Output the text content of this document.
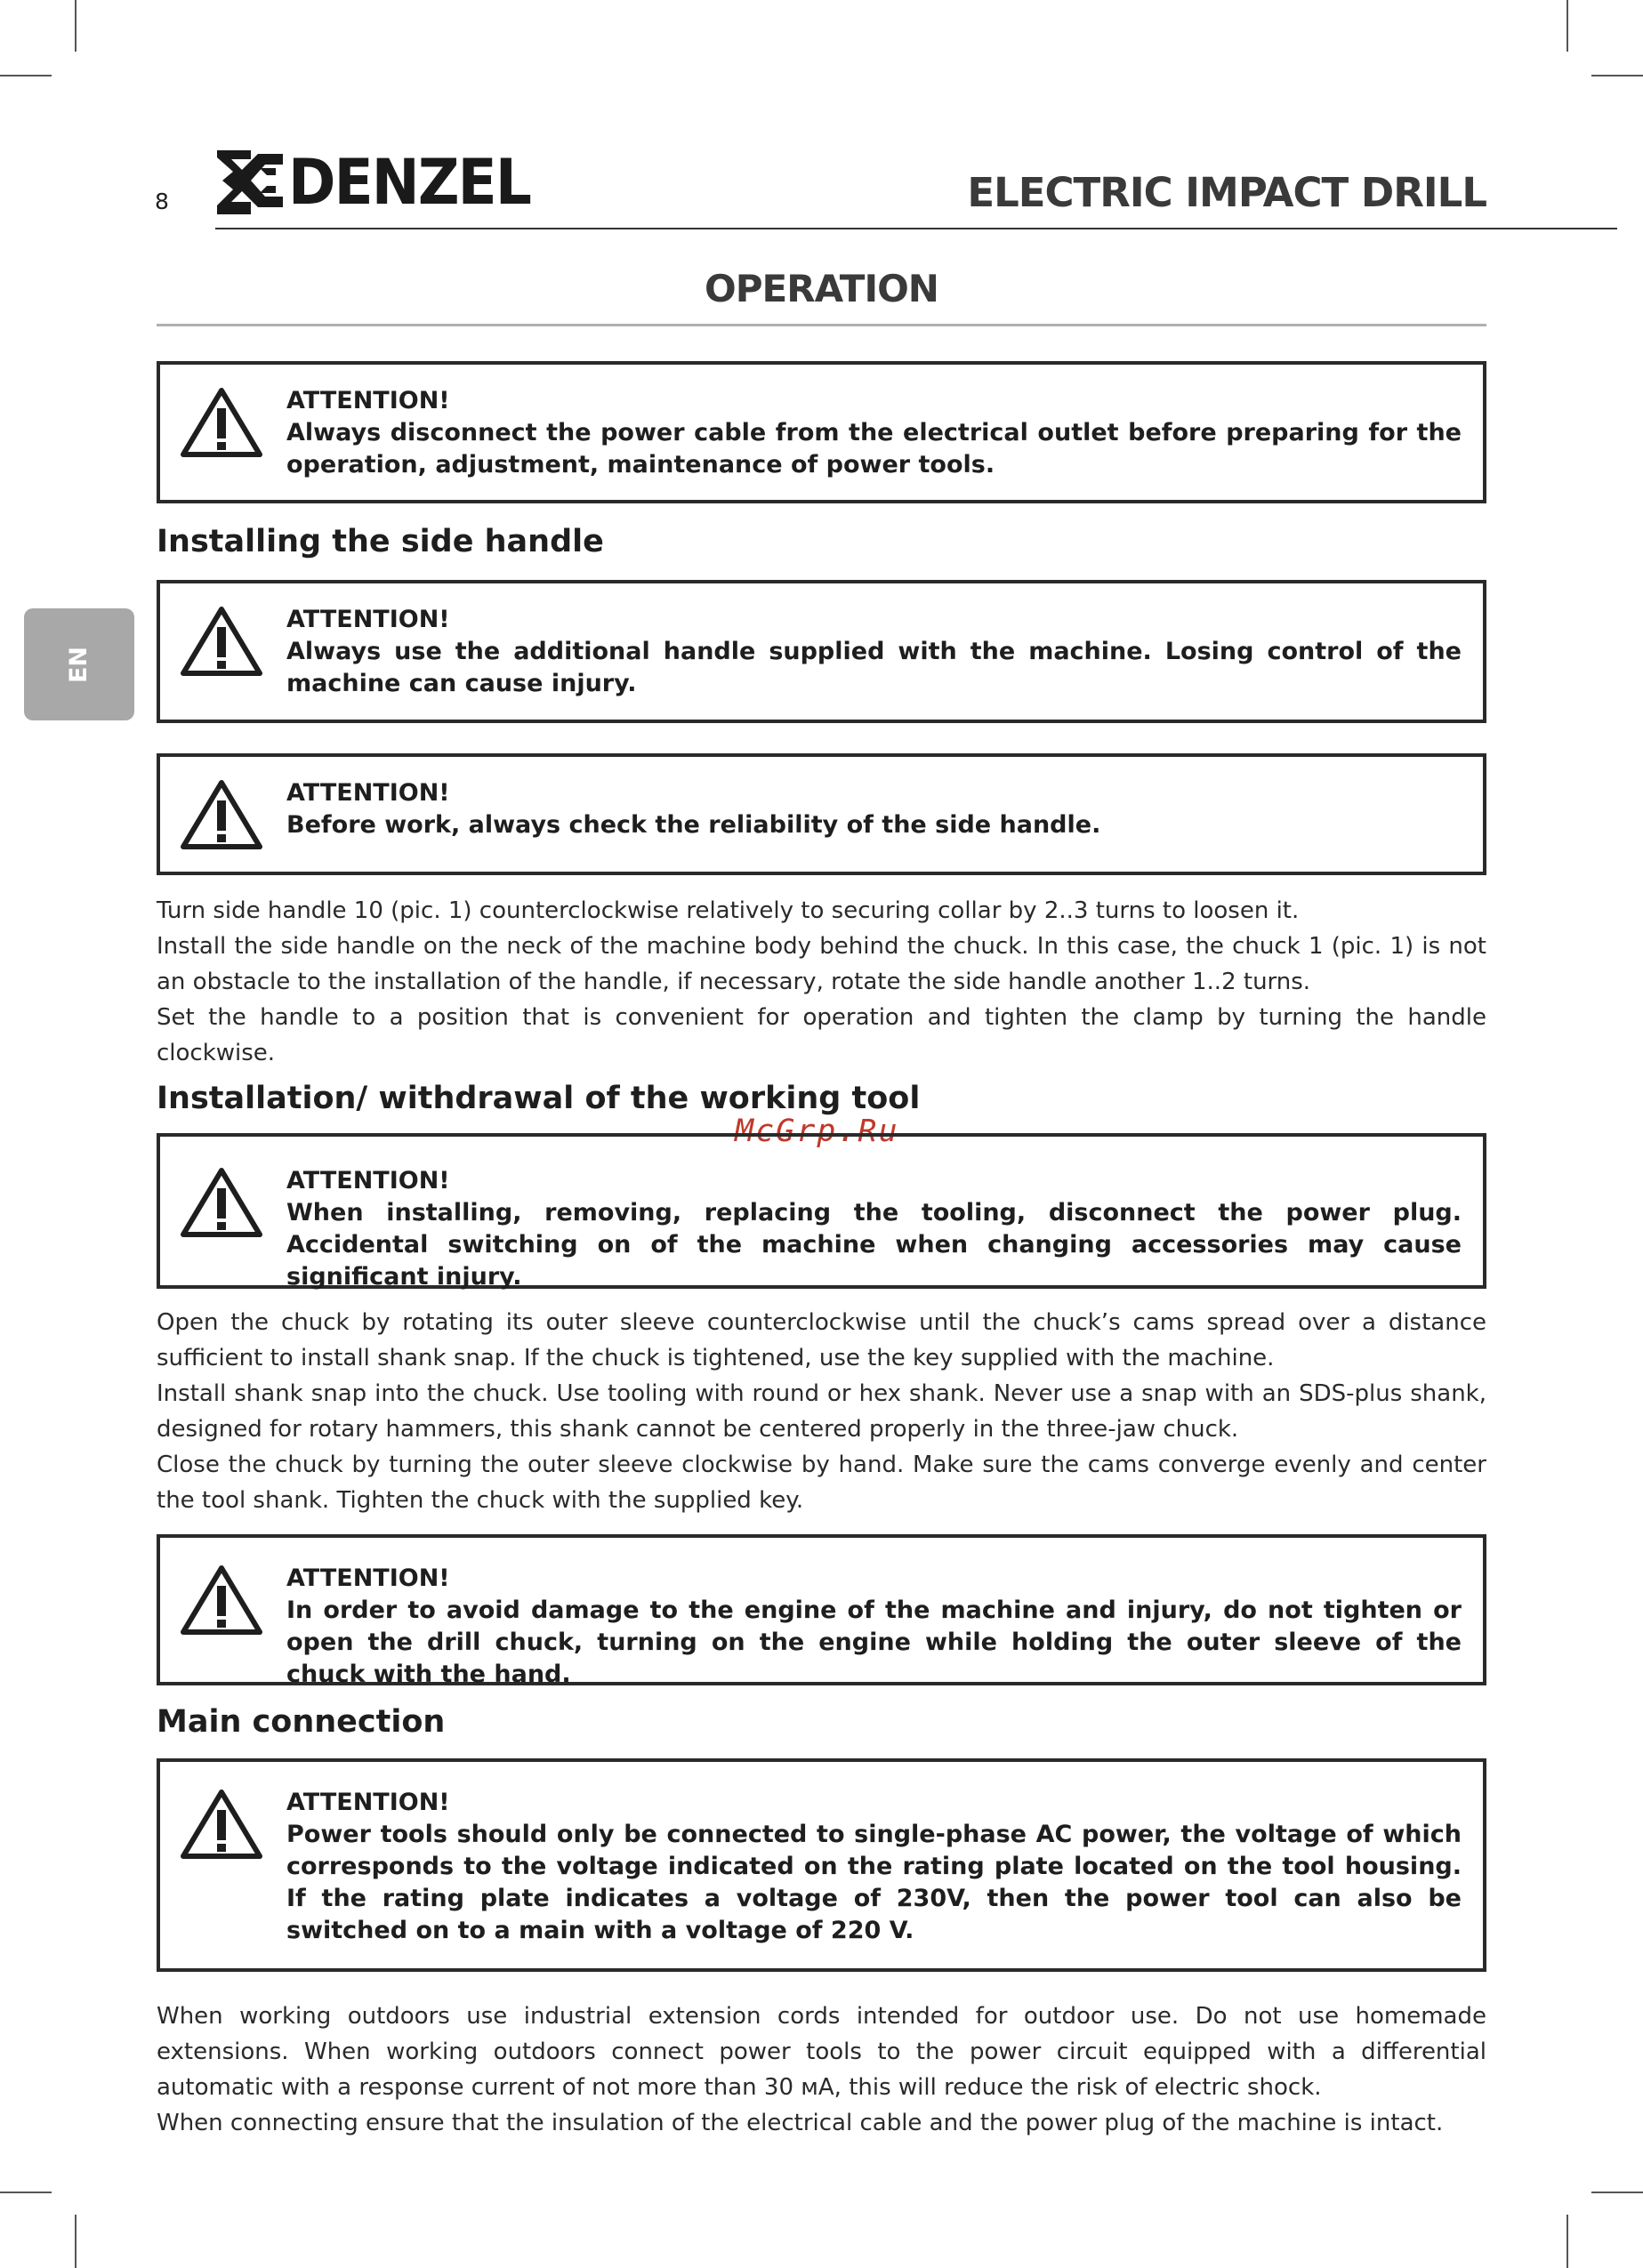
8 DENZEL	ELECTRIC IMPACT DRILL
OPERATION
EN
McGrp.Ru
ATTENTION!
Always disconnect the power cable from the electrical outlet before preparing for the operation, adjustment, maintenance of power tools.
Installing the side handle
ATTENTION!
Always use the additional handle supplied with the machine. Losing control of the machine can cause injury.
ATTENTION!
Before work, always check the reliability of the side handle.

Turn side handle 10 (pic. 1) counterclockwise relatively to securing collar by 2..3 turns to loosen it.

Install the side handle on the neck of the machine body behind the chuck. In this case, the chuck 1 (pic. 1) is not an obstacle to the installation of the handle, if necessary, rotate the side handle another 1..2 turns.

Set the handle to a position that is convenient for operation and tighten the clamp by turning the handle clockwise.

Installation/ withdrawal of the working tool
ATTENTION!
When installing, removing, replacing the tooling, disconnect the power plug. Accidental switching on of the machine when changing accessories may cause significant injury.

Open the chuck by rotating its outer sleeve counterclockwise until the chuck’s cams spread over a distance sufficient to install shank snap. If the chuck is tightened, use the key supplied with the machine.

Install shank snap into the chuck. Use tooling with round or hex shank. Never use a snap with an SDS-plus shank, designed for rotary hammers, this shank cannot be centered properly in the three-jaw chuck.

Close the chuck by turning the outer sleeve clockwise by hand. Make sure the cams converge evenly and center the tool shank. Tighten the chuck with the supplied key.

ATTENTION!
In order to avoid damage to the engine of the machine and injury, do not tighten or open the drill chuck, turning on the engine while holding the outer sleeve of the chuck with the hand.
Main connection
ATTENTION!
Power tools should only be connected to single-phase AC power, the voltage of which corresponds to the voltage indicated on the rating plate located on the tool housing. If the rating plate indicates a voltage of 230V, then the power tool can also be switched on to a main with a voltage of 220 V.

When working outdoors use industrial extension cords intended for outdoor use. Do not use homemade extensions. When working outdoors connect power tools to the power circuit equipped with a differential automatic with a response current of not more than 30 мА, this will reduce the risk of electric shock.

When connecting ensure that the insulation of the electrical cable and the power plug of the machine is intact.
